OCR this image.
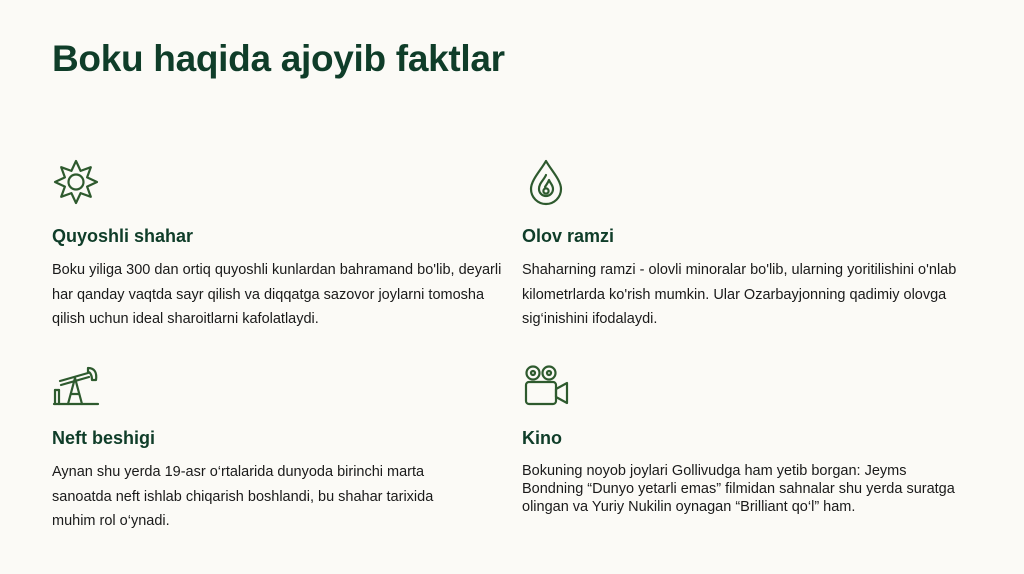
Boku haqida ajoyib faktlar
Quyoshli shahar

Boku yiliga 300 dan ortiq quyoshli kunlardan bahramand bo'lib, deyarli har qanday vaqtda sayr qilish va diqqatga sazovor joylarni tomosha qilish uchun ideal sharoitlarni kafolatlaydi.

Olov ramzi

Shaharning ramzi - olovli minoralar bo'lib, ularning yoritilishini o'nlab kilometrlarda ko'rish mumkin. Ular Ozarbayjonning qadimiy olovga sig‘inishini ifodalaydi.

Neft beshigi

Aynan shu yerda 19-asr o‘rtalarida dunyoda birinchi marta sanoatda neft ishlab chiqarish boshlandi, bu shahar tarixida muhim rol o‘ynadi.

Kino

Bokuning noyob joylari Gollivudga ham yetib borgan: Jeyms Bondning “Dunyo yetarli emas” filmidan sahnalar shu yerda suratga olingan va Yuriy Nukilin oynagan “Brilliant qo‘l” ham.
